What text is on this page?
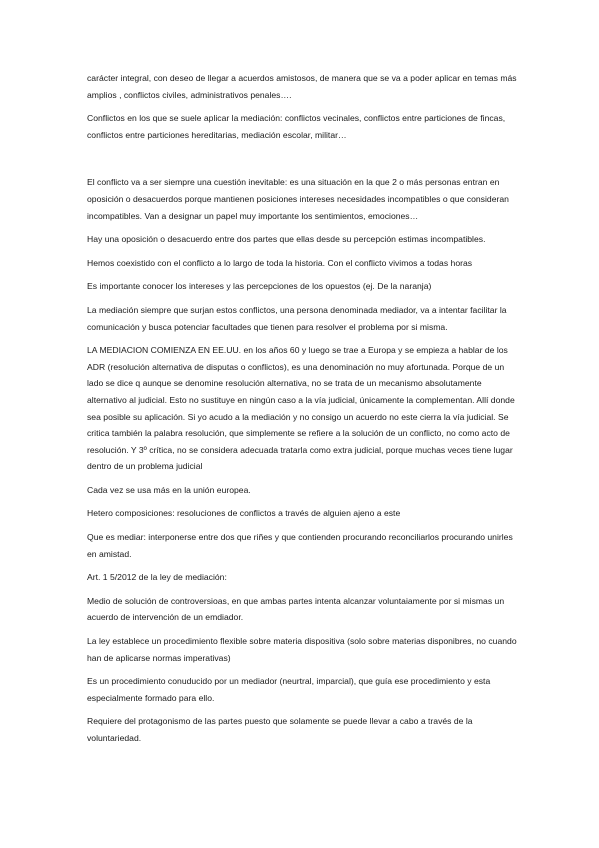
carácter integral, con deseo de llegar a acuerdos amistosos, de manera que se va a poder aplicar en temas más amplios , conflictos civiles, administrativos penales….

Conflictos en los que se suele aplicar la mediación: conflictos vecinales, conflictos entre particiones de fincas, conflictos entre particiones hereditarias, mediación escolar, militar…

El conflicto va a ser siempre una cuestión inevitable: es una situación en la que 2 o más personas entran en oposición o desacuerdos porque mantienen posiciones intereses necesidades incompatibles o que consideran incompatibles. Van a designar un papel muy importante los sentimientos, emociones…

Hay una oposición o desacuerdo entre dos partes que ellas desde su percepción estimas incompatibles.

Hemos coexistido con el conflicto a lo largo de toda la historia. Con el conflicto vivimos a todas horas

Es importante conocer los intereses y las percepciones de los opuestos (ej. De la naranja)

La mediación siempre que surjan estos conflictos, una persona denominada mediador, va a intentar facilitar la comunicación y busca potenciar facultades que tienen para resolver el problema por si misma.

LA MEDIACION COMIENZA EN EE.UU. en los años 60 y luego se trae a Europa y se empieza a hablar de los ADR (resolución alternativa de disputas o conflictos), es una denominación no muy afortunada. Porque de un lado se dice q aunque se denomine resolución alternativa, no se trata de un mecanismo absolutamente alternativo al judicial. Esto no sustituye en ningún caso a la vía judicial, únicamente la complementan. Allí donde sea posible su aplicación. Si yo acudo a la mediación y no consigo un acuerdo no este cierra la vía judicial. Se critica también la palabra resolución, que simplemente se refiere a la solución de un conflicto, no como acto de resolución. Y 3º crítica, no se considera adecuada tratarla como extra judicial, porque muchas veces tiene lugar dentro de un problema judicial

Cada vez se usa más en la unión europea.

Hetero composiciones: resoluciones de conflictos a través de alguien ajeno a este

Que es mediar: interponerse entre dos que riñes y que contienden procurando reconciliarlos procurando unirles en amistad.

Art. 1 5/2012 de la ley de mediación:

Medio de solución de controversioas, en que ambas partes intenta alcanzar voluntaiamente por si mismas un acuerdo de intervención de un emdiador.

La ley establece un procedimiento flexible sobre materia dispositiva (solo sobre materias disponibres, no cuando han de aplicarse normas imperativas)

Es un procedimiento conuducido por un mediador (neurtral, imparcial), que guía ese procedimiento y esta especialmente formado para ello.

Requiere del protagonismo de las partes puesto que solamente se puede llevar a cabo a través de la voluntariedad.
